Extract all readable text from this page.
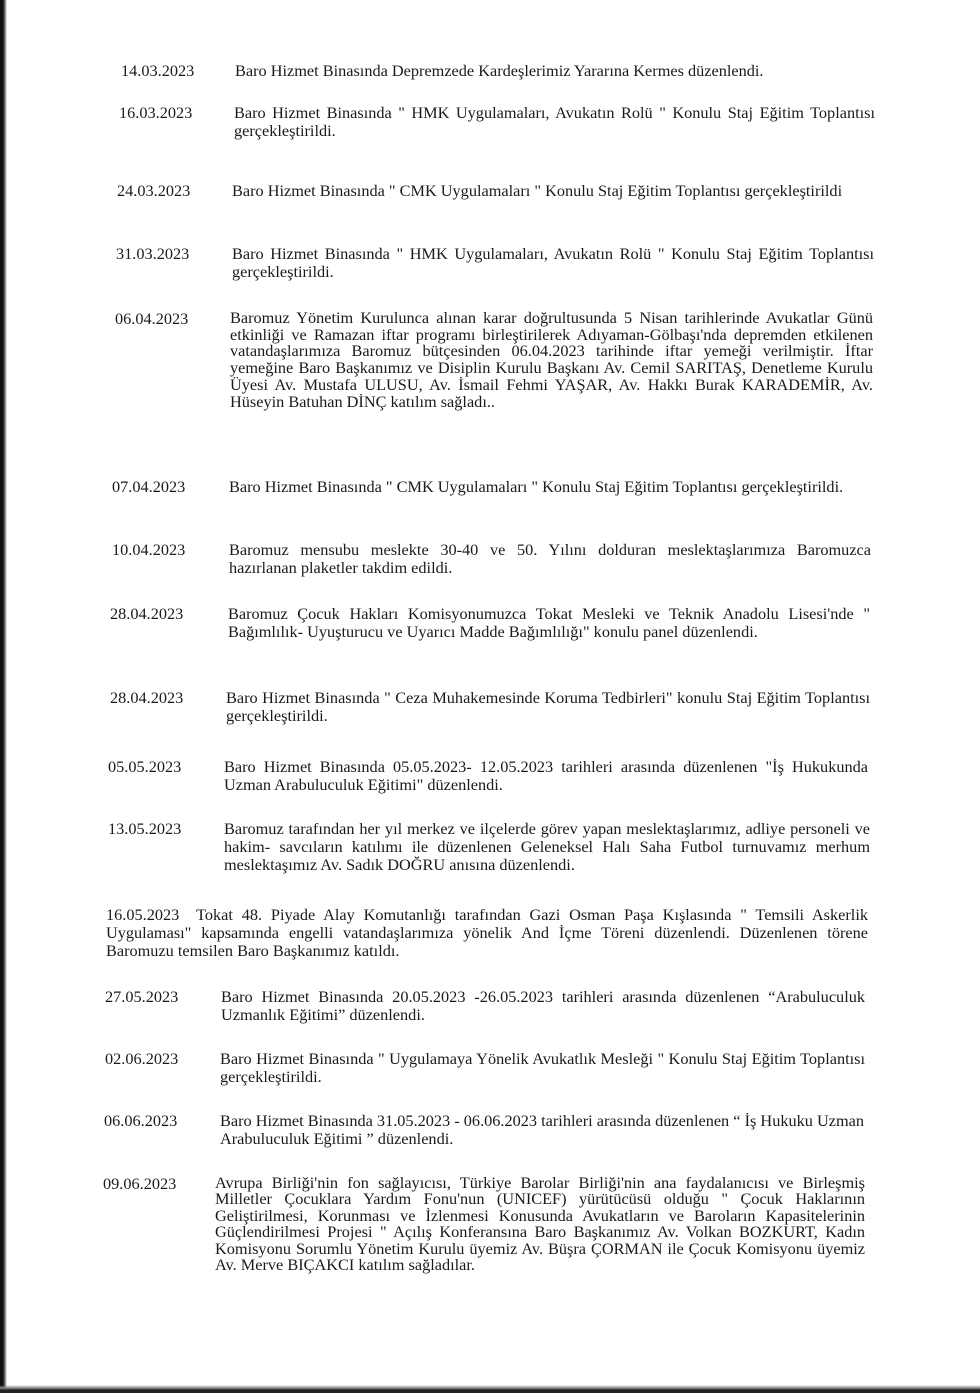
14.03.2023 Baro Hizmet Binasında Depremzede Kardeşlerimiz Yararına Kermes düzenlendi.
16.03.2023	Baro Hizmet Binasında " HMK Uygulamaları, Avukatın Rolü " Konulu Staj Eğitim Toplantısı gerçekleştirildi.
24.03.2023	Baro Hizmet Binasında " CMK Uygulamaları " Konulu Staj Eğitim Toplantısı gerçekleştirildi
31.03.2023	Baro Hizmet Binasında " HMK Uygulamaları, Avukatın Rolü " Konulu Staj Eğitim Toplantısı gerçekleştirildi.
06.04.2023	Baromuz Yönetim Kurulunca alınan karar doğrultusunda 5 Nisan tarihlerinde Avukatlar Günü etkinliği ve Ramazan iftar programı birleştirilerek Adıyaman-Gölbaşı'nda depremden etkilenen vatandaşlarımıza Baromuz bütçesinden 06.04.2023 tarihinde iftar yemeği verilmiştir. İftar yemeğine Baro Başkanımız ve Disiplin Kurulu Başkanı Av. Cemil SARITAŞ, Denetleme Kurulu Üyesi Av. Mustafa ULUSU, Av. İsmail Fehmi YAŞAR, Av. Hakkı Burak KARADEMİR, Av. Hüseyin Batuhan DİNÇ katılım sağladı..
07.04.2023	Baro Hizmet Binasında " CMK Uygulamaları " Konulu Staj Eğitim Toplantısı gerçekleştirildi.
10.04.2023	Baromuz mensubu meslekte 30-40 ve 50. Yılını dolduran meslektaşlarımıza Baromuzca hazırlanan plaketler takdim edildi.
28.04.2023	Baromuz Çocuk Hakları Komisyonumuzca Tokat Mesleki ve Teknik Anadolu Lisesi'nde " Bağımlılık- Uyuşturucu ve Uyarıcı Madde Bağımlılığı" konulu panel düzenlendi.
28.04.2023	Baro Hizmet Binasında " Ceza Muhakemesinde Koruma Tedbirleri" konulu Staj Eğitim Toplantısı gerçekleştirildi.
05.05.2023	Baro Hizmet Binasında 05.05.2023- 12.05.2023 tarihleri arasında düzenlenen "İş Hukukunda Uzman Arabuluculuk Eğitimi" düzenlendi.
13.05.2023	Baromuz tarafından her yıl merkez ve ilçelerde görev yapan meslektaşlarımız, adliye personeli ve hakim- savcıların katılımı ile düzenlenen Geleneksel Halı Saha Futbol turnuvamız merhum meslektaşımız Av. Sadık DOĞRU anısına düzenlendi.
16.05.2023 Tokat 48. Piyade Alay Komutanlığı tarafından Gazi Osman Paşa Kışlasında " Temsili Askerlik Uygulaması" kapsamında engelli vatandaşlarımıza yönelik And İçme Töreni düzenlendi. Düzenlenen törene Baromuzu temsilen Baro Başkanımız katıldı.
27.05.2023	Baro Hizmet Binasında 20.05.2023 -26.05.2023 tarihleri arasında düzenlenen “Arabuluculuk Uzmanlık Eğitimi” düzenlendi.
02.06.2023	Baro Hizmet Binasında " Uygulamaya Yönelik Avukatlık Mesleği " Konulu Staj Eğitim Toplantısı gerçekleştirildi.
06.06.2023	Baro Hizmet Binasında 31.05.2023 - 06.06.2023 tarihleri arasında düzenlenen “ İş Hukuku Uzman Arabuluculuk Eğitimi ” düzenlendi.
09.06.2023 Avrupa Birliği'nin fon sağlayıcısı, Türkiye Barolar Birliği'nin ana faydalanıcısı ve Birleşmiş Milletler Çocuklara Yardım Fonu'nun (UNICEF) yürütücüsü olduğu " Çocuk Haklarının Geliştirilmesi, Korunması ve İzlenmesi Konusunda Avukatların ve Baroların Kapasitelerinin Güçlendirilmesi Projesi " Açılış Konferansına Baro Başkanımız Av. Volkan BOZKURT, Kadın Komisyonu Sorumlu Yönetim Kurulu üyemiz Av. Büşra ÇORMAN ile Çocuk Komisyonu üyemiz Av. Merve BIÇAKCI katılım sağladılar.
